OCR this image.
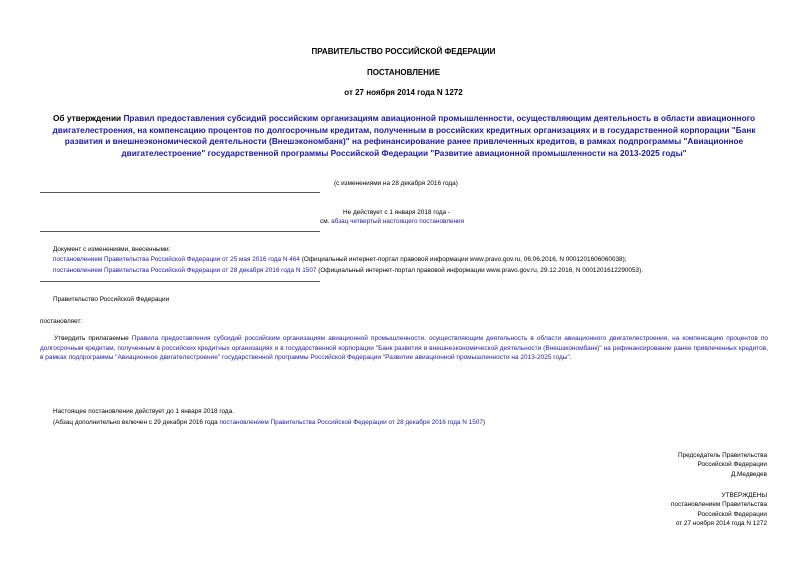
ПРАВИТЕЛЬСТВО РОССИЙСКОЙ ФЕДЕРАЦИИ
ПОСТАНОВЛЕНИЕ
от 27 ноября 2014 года N 1272
Об утверждении Правил предоставления субсидий российским организациям авиационной промышленности, осуществляющим деятельность в области авиационного двигателестроения, на компенсацию процентов по долгосрочным кредитам, полученным в российских кредитных организациях и в государственной корпорации "Банк развития и внешнеэкономической деятельности (Внешэкономбанк)" на рефинансирование ранее привлеченных кредитов, в рамках подпрограммы "Авиационное двигателестроение" государственной программы Российской Федерации "Развитие авиационной промышленности на 2013-2025 годы"
(с изменениями на 28 декабря 2016 года)
Не действует с 1 января 2018 года -
см. абзац четвертый настоящего постановления
Документ с изменениями, внесенными:
постановлением Правительства Российской Федерации от 25 мая 2016 года N 464 (Официальный интернет-портал правовой информации www.pravo.gov.ru, 06.06.2016, N 0001201606060038);
постановлением Правительства Российской Федерации от 28 декабря 2016 года N 1507 (Официальный интернет-портал правовой информации www.pravo.gov.ru, 29.12.2016, N 0001201612290053).
Правительство Российской Федерации
постановляет:
Утвердить прилагаемые Правила предоставления субсидий российским организациям авиационной промышленности, осуществляющим деятельность в области авиационного двигателестроения, на компенсацию процентов по долгосрочным кредитам, полученным в российских кредитных организациях и в государственной корпорации "Банк развития и внешнеэкономической деятельности (Внешэкономбанк)" на рефинансирование ранее привлеченных кредитов, в рамках подпрограммы "Авиационное двигателестроение" государственной программы Российской Федерации "Развитие авиационной промышленности на 2013-2025 годы".
Настоящее постановление действует до 1 января 2018 года.
(Абзац дополнительно включен с 29 декабря 2016 года постановлением Правительства Российской Федерации от 28 декабря 2016 года N 1507)
Председатель Правительства
Российской Федерации
Д.Медведев
УТВЕРЖДЕНЫ
постановлением Правительства
Российской Федерации
от 27 ноября 2014 года N 1272
